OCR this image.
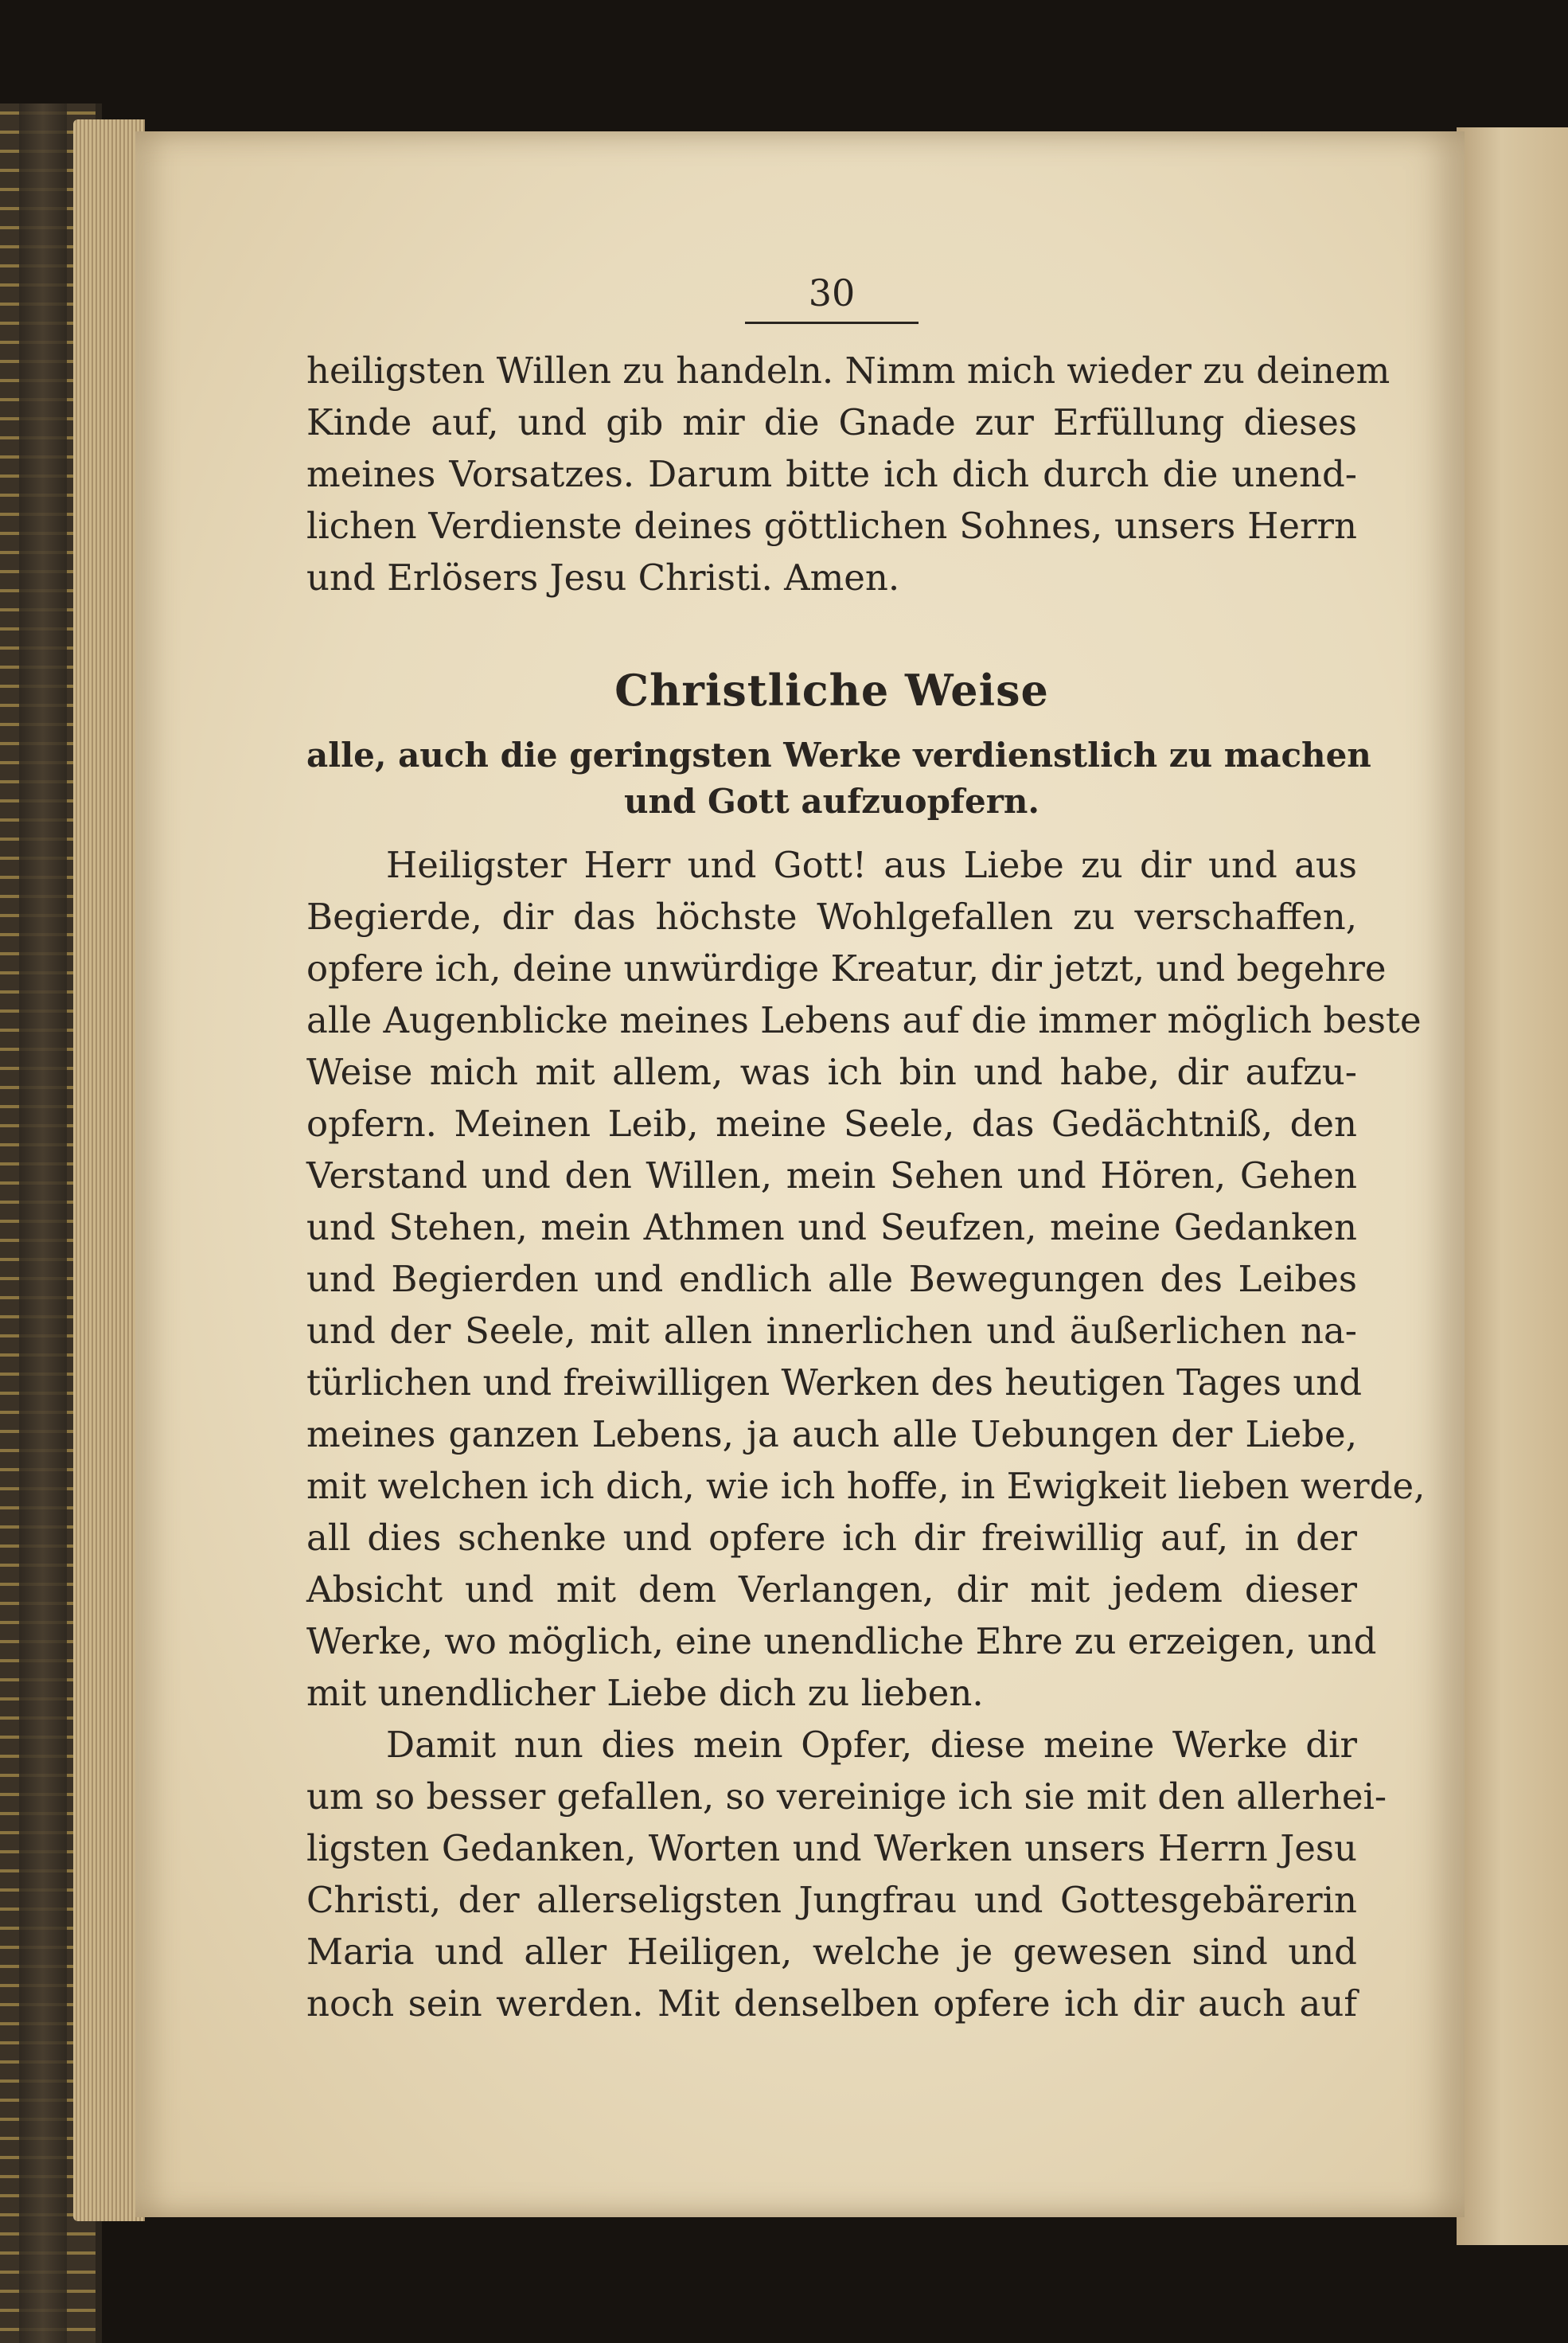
30

heiligsten Willen zu handeln. Nimm mich wieder zu deinem
Kinde auf, und gib mir die Gnade zur Erfüllung dieses
meines Vorsatzes. Darum bitte ich dich durch die unend-
lichen Verdienste deines göttlichen Sohnes, unsers Herrn
und Erlösers Jesu Christi. Amen.
Christliche Weise

alle, auch die geringsten Werke verdienstlich zu machen

und Gott aufzuopfern.

Heiligster Herr und Gott! aus Liebe zu dir und aus
Begierde, dir das höchste Wohlgefallen zu verschaffen,
opfere ich, deine unwürdige Kreatur, dir jetzt, und begehre
alle Augenblicke meines Lebens auf die immer möglich beste
Weise mich mit allem, was ich bin und habe, dir aufzu-
opfern. Meinen Leib, meine Seele, das Gedächtniß, den
Verstand und den Willen, mein Sehen und Hören, Gehen
und Stehen, mein Athmen und Seufzen, meine Gedanken
und Begierden und endlich alle Bewegungen des Leibes
und der Seele, mit allen innerlichen und äußerlichen na-
türlichen und freiwilligen Werken des heutigen Tages und
meines ganzen Lebens, ja auch alle Uebungen der Liebe,
mit welchen ich dich, wie ich hoffe, in Ewigkeit lieben werde,
all dies schenke und opfere ich dir freiwillig auf, in der
Absicht und mit dem Verlangen, dir mit jedem dieser
Werke, wo möglich, eine unendliche Ehre zu erzeigen, und
mit unendlicher Liebe dich zu lieben.
Damit nun dies mein Opfer, diese meine Werke dir
um so besser gefallen, so vereinige ich sie mit den allerhei-
ligsten Gedanken, Worten und Werken unsers Herrn Jesu
Christi, der allerseligsten Jungfrau und Gottesgebärerin
Maria und aller Heiligen, welche je gewesen sind und
noch sein werden. Mit denselben opfere ich dir auch auf
